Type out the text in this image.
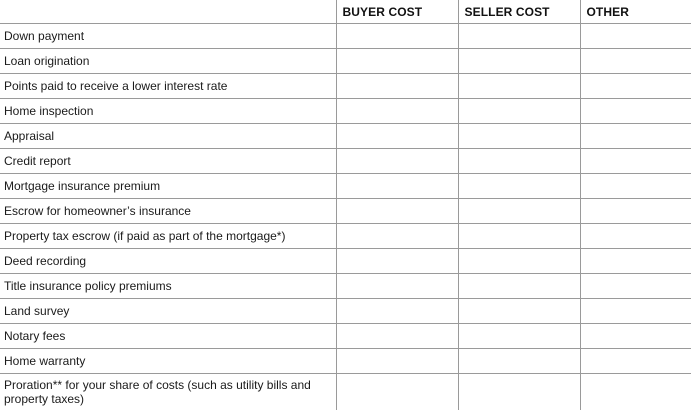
	BUYER COST	SELLER COST	OTHER
Down payment			
Loan origination			
Points paid to receive a lower interest rate			
Home inspection			
Appraisal			
Credit report			
Mortgage insurance premium			
Escrow for homeowner’s insurance			
Property tax escrow (if paid as part of the mortgage*)			
Deed recording			
Title insurance policy premiums			
Land survey			
Notary fees			
Home warranty			
Proration** for your share of costs (such as utility bills and property taxes)			
